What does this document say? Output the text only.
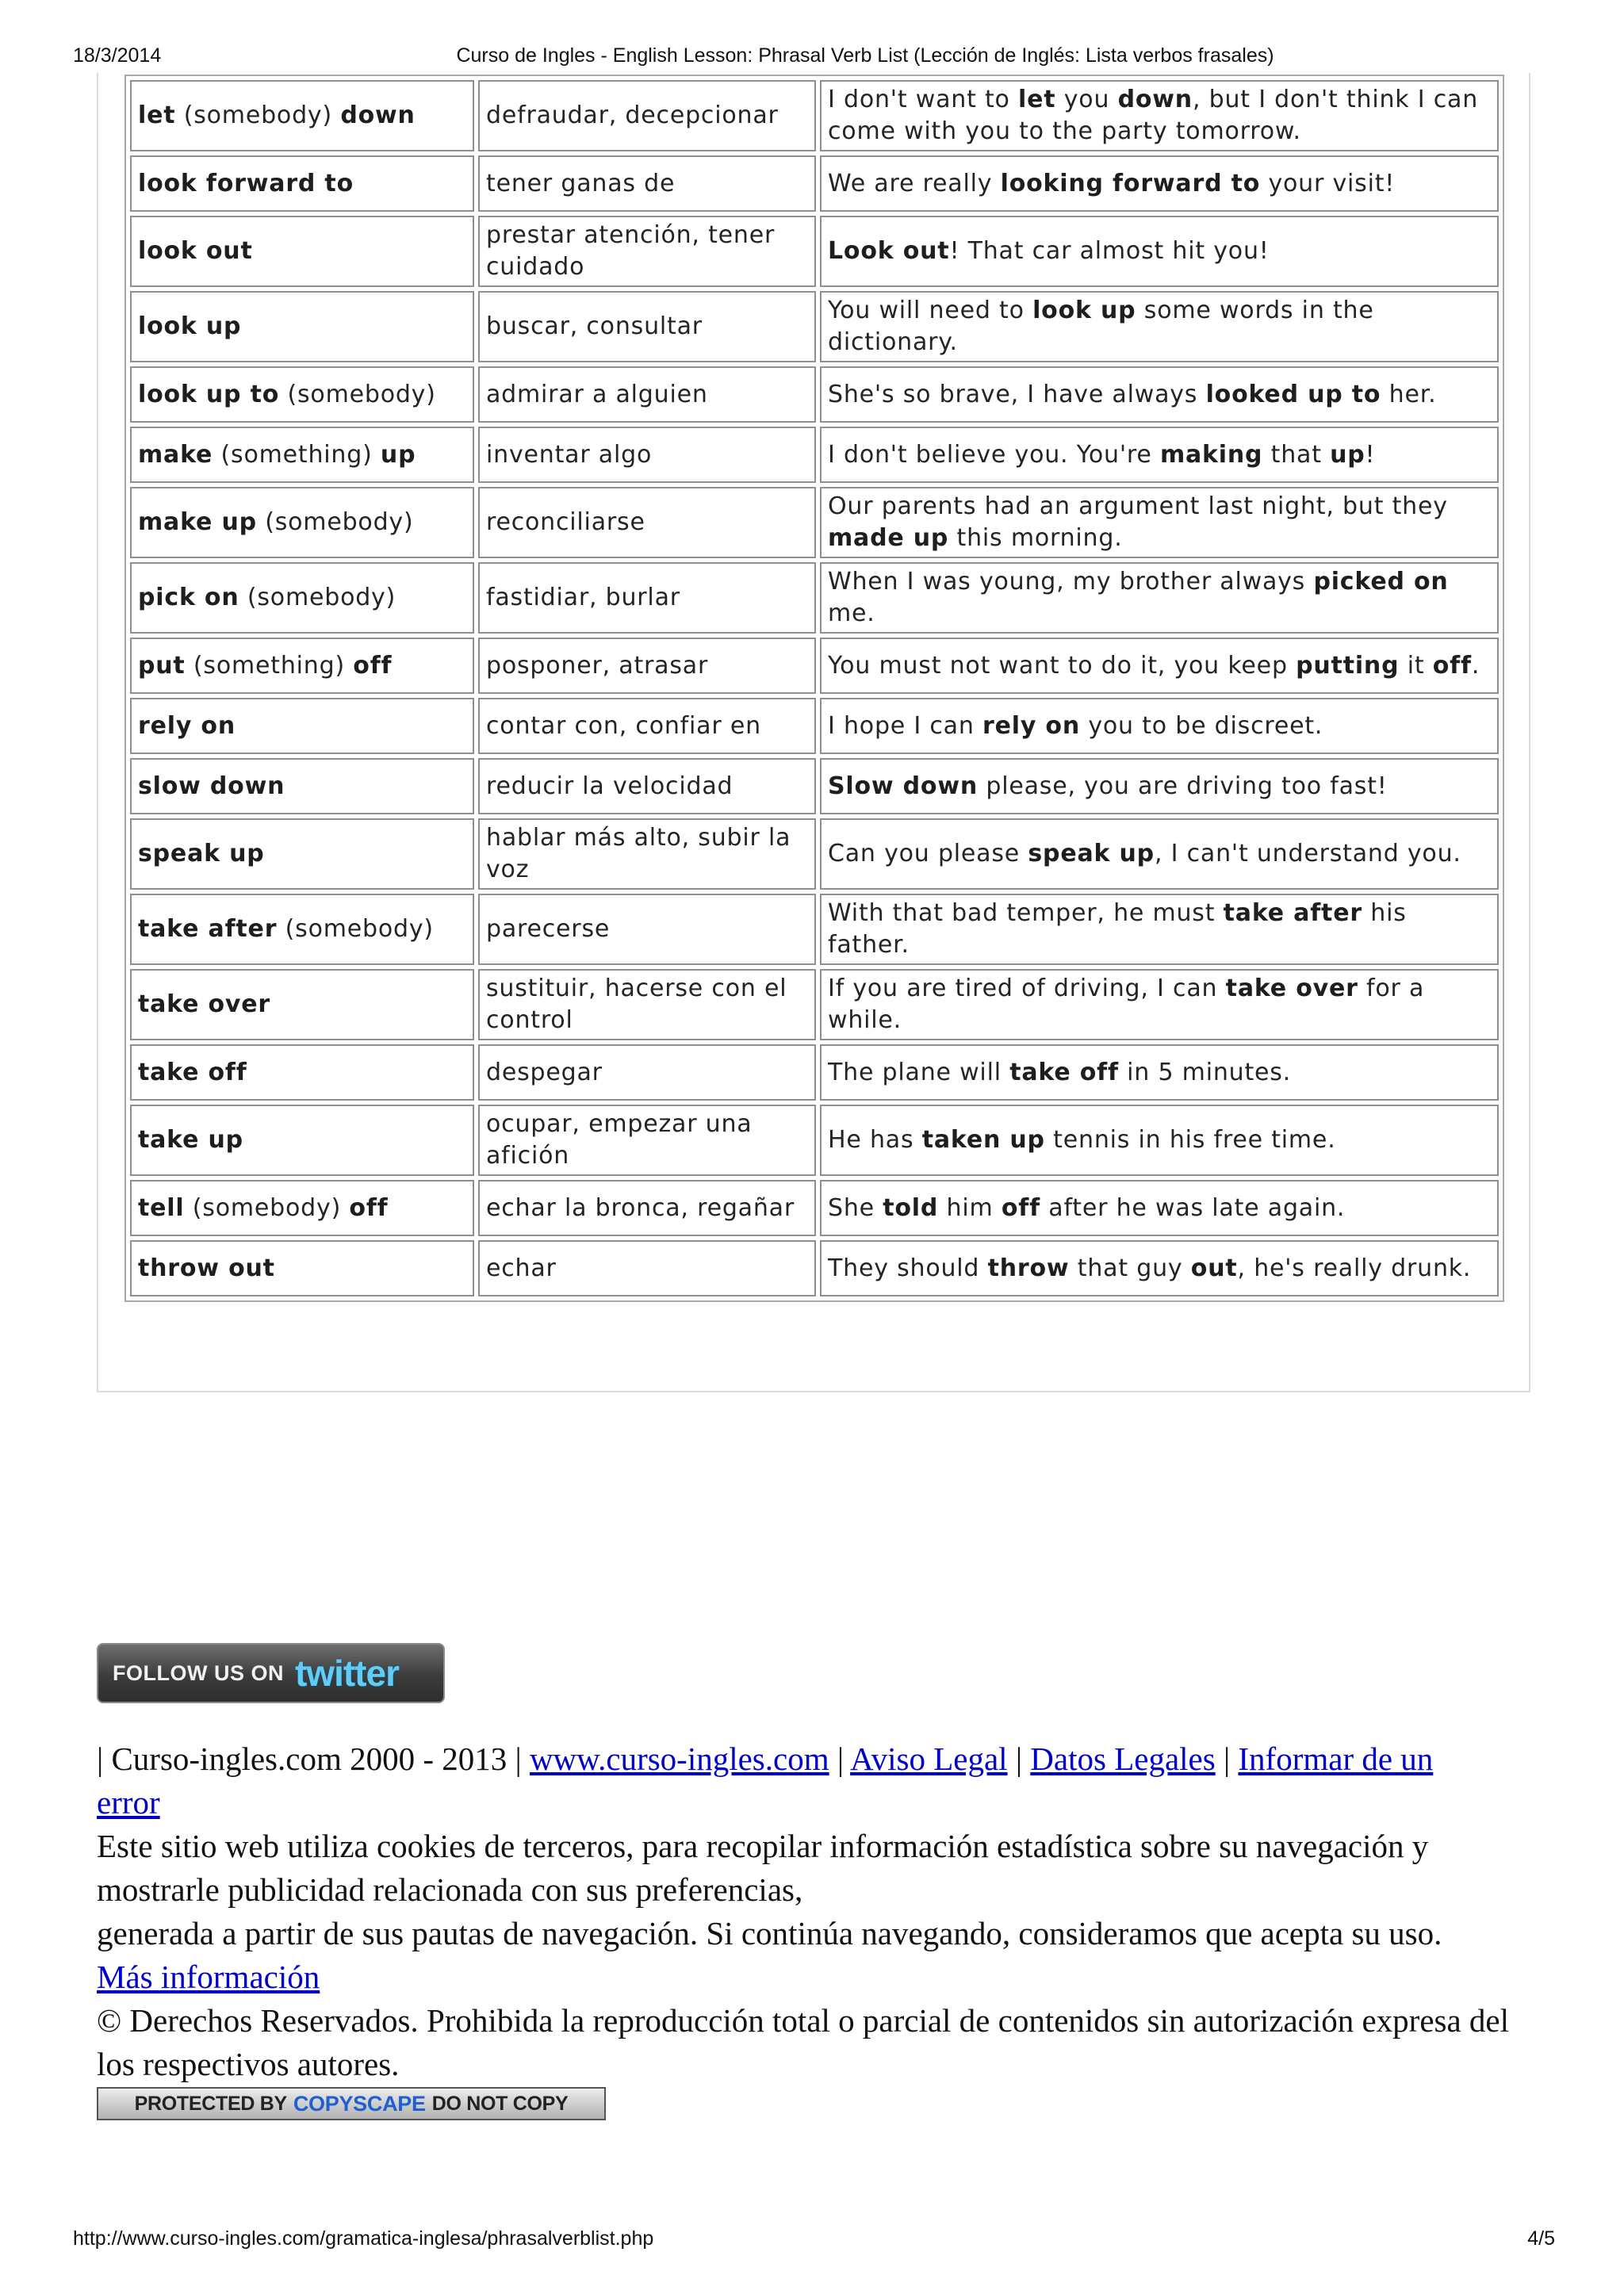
18/3/2014	Curso de Ingles - English Lesson: Phrasal Verb List (Lección de Inglés: Lista verbos frasales)
let (somebody) down	defraudar, decepcionar	I don't want to let you down, but I don't think I can come with you to the party tomorrow.

look forward to	tener ganas de	We are really looking forward to your visit!

look out	prestar atención, tener cuidado	Look out! That car almost hit you!

look up	buscar, consultar	You will need to look up some words in the dictionary.

look up to (somebody)	admirar a alguien	She's so brave, I have always looked up to her.

make (something) up	inventar algo	I don't believe you. You're making that up!

make up (somebody)	reconciliarse	Our parents had an argument last night, but they made up this morning.

pick on (somebody)	fastidiar, burlar	When I was young, my brother always picked on me.

put (something) off	posponer, atrasar	You must not want to do it, you keep putting it off.

rely on	contar con, confiar en	I hope I can rely on you to be discreet.

slow down	reducir la velocidad	Slow down please, you are driving too fast!

speak up	hablar más alto, subir la voz	Can you please speak up, I can't understand you.

take after (somebody)	parecerse	With that bad temper, he must take after his father.

take over	sustituir, hacerse con el control	If you are tired of driving, I can take over for a while.

take off	despegar	The plane will take off in 5 minutes.

take up	ocupar, empezar una afición	He has taken up tennis in his free time.

tell (somebody) off	echar la bronca, regañar	She told him off after he was late again.

throw out	echar	They should throw that guy out, he's really drunk.
FOLLOW US ON twitter

| Curso-ingles.com 2000 - 2013 | www.curso-ingles.com | Aviso Legal | Datos Legales | Informar de un error

Este sitio web utiliza cookies de terceros, para recopilar información estadística sobre su navegación y mostrarle publicidad relacionada con sus preferencias,
generada a partir de sus pautas de navegación. Si continúa navegando, consideramos que acepta su uso.
Más información

© Derechos Reservados. Prohibida la reproducción total o parcial de contenidos sin autorización expresa del los respectivos autores.

PROTECTED BY COPYSCAPE DO NOT COPY
http://www.curso-ingles.com/gramatica-inglesa/phrasalverblist.php	4/5
